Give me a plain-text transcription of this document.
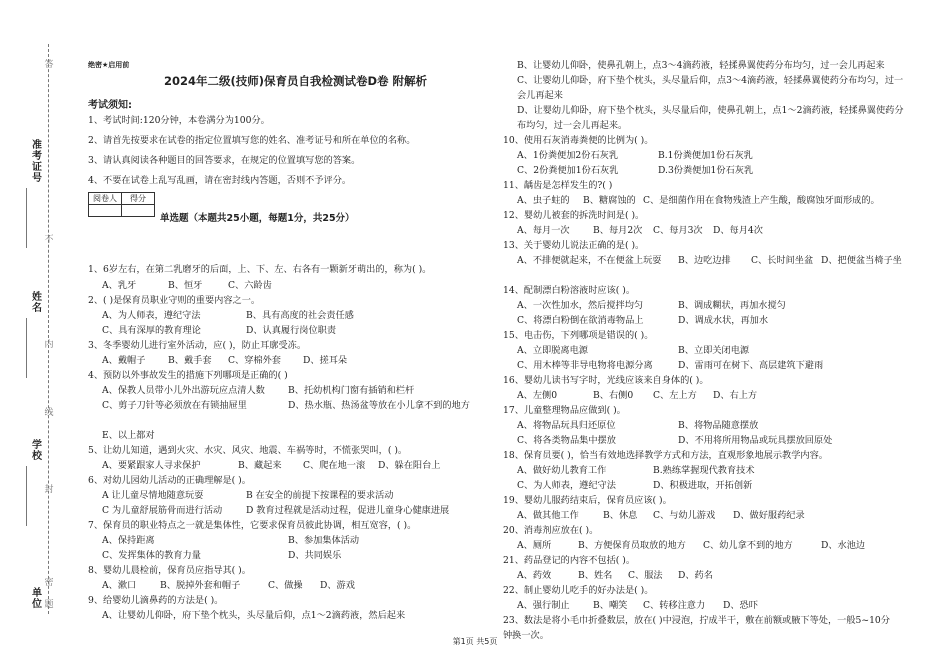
准考证号
姓名
学校
单位
答
不
内
线
封
密
题
绝密★启用前
2024年二级(技师)保育员自我检测试卷D卷 附解析
考试须知:
1、考试时间:120分钟，本卷满分为100分。
2、请首先按要求在试卷的指定位置填写您的姓名、准考证号和所在单位的名称。
3、请认真阅读各种题目的回答要求，在规定的位置填写您的答案。
4、不要在试卷上乱写乱画，请在密封线内答题，否则不予评分。
阅卷人	得分

单选题（本题共25小题，每题1分，共25分）
1、6岁左右，在第二乳磨牙的后面，上、下、左、右各有一颗新牙萌出的，称为( )。
A、乳牙	B、恒牙	C、六龄齿
2、( )是保育员职业守则的重要内容之一。
A、为人师表，遵纪守法	B、具有高度的社会责任感
C、具有深厚的教育理论	D、认真履行岗位职责
3、冬季婴幼儿进行室外活动，应( )，防止耳廓受冻。
A、戴帽子 B、戴手套 C、穿棉外套 D、搓耳朵
4、预防以外事故发生的措施下列哪项是正确的( )
A、保教人员带小儿外出游玩应点清人数	B、托幼机构门窗有插销和栏杆
C、剪子刀针等必须放在有锁抽屉里	D、热水瓶、热汤盆等放在小儿拿不到的地方
E、以上都对
5、让幼儿知道，遇到火灾、水灾、风灾、地震、车祸等时，不慌张哭叫，( )。
A、要紧跟家人寻求保护	B、藏起来 C、爬在地一滚 D、躲在阳台上
6、对幼儿园幼儿活动的正确理解是( )。
A 让儿童尽情地随意玩耍	B 在安全的前提下按课程的要求活动
C 为儿童舒展筋骨而进行活动	D 教育过程就是活动过程，促进儿童身心健康进展
7、保育员的职业特点之一就是集体性，它要求保育员彼此协调，相互宽容，( )。
A、保持距离	B、参加集体活动
C、发挥集体的教育力量	D、共同娱乐
8、婴幼儿晨检前，保育员应指导其( )。
A、漱口	B、脱掉外套和帽子	C、做操 D、游戏
9、给婴幼儿滴鼻药的方法是( )。
A、让婴幼儿仰卧，府下垫个枕头，头尽量后仰，点1～2滴药液，然后起来
B、让婴幼儿仰卧，使鼻孔朝上，点3～4滴药液，轻揉鼻翼使药分布均匀，过一会儿再起来
C、让婴幼儿仰卧，府下垫个枕头，头尽量后仰，点3～4滴药液，轻揉鼻翼使药分布均匀，过一会儿再起来
D、让婴幼儿仰卧，府下垫个枕头，头尽量后仰，使鼻孔朝上，点1～2滴药液，轻揉鼻翼使药分布均匀，过一会儿再起来。
10、使用石灰消毒粪便的比例为( )。
A、1份粪便加2份石灰乳	B.1份粪便加1份石灰乳
C、2份粪便加1份石灰乳	D.3份粪便加1份石灰乳
11、龋齿是怎样发生的?( )
A、虫子蛀的 B、糖腐蚀的 C、是细菌作用在食物残渣上产生酸，酸腐蚀牙面形成的。
12、婴幼儿被套的拆洗时间是( )。
A、每月一次	B、每月2次 C、每月3次 D、每月4次
13、关于婴幼儿说法正确的是( )。
A、不排便就起来，不在便盆上玩耍 B、边吃边排 C、长时间坐盆 D、把便盆当椅子坐
14、配制漂白粉溶液时应该( )。
A、一次性加水，然后搅拌均匀	B、调成糊状，再加水搅匀
C、将漂白粉倒在欲消毒物品上	D、调成水状，再加水
15、电击伤，下列哪项是错误的( )。
A、立即脱离电源	B、立即关闭电源
C、用木棒等非导电物将电源分离	D、雷雨可在树下、高层建筑下避雨
16、婴幼儿读书写字时，光线应该来自身体的( )。
A、左侧0	B、右侧0 C、左上方 D、右上方
17、儿童整理物品应做到( )。
A、将物品玩具归还原位	B、将物品随意摆放
C、将各类物品集中摆放	D、不用将所用物品或玩具摆放回原处
18、保育员要( )，恰当有效地选择教学方式和方法，直观形象地展示教学内容。
A、做好幼儿教育工作	B.熟练掌握现代教育技术
C、为人师表，遵纪守法	D、积极进取，开拓创新
19、婴幼儿服药结束后，保育员应该( )。
A、做其他工作	B、休息 C、与幼儿游戏 D、做好服药纪录
20、消毒剂应放在( )。
A、厕所	B、方便保育员取放的地方 C、幼儿拿不到的地方	D、水池边
21、药品登记的内容不包括( )。
A、药效	B、姓名 C、服法 D、药名
22、制止婴幼儿吃手的好办法是( )。
A、强行制止	B、嘲笑 C、转移注意力 D、恐吓
23、数法是将小毛巾折叠数层，放在( )中浸泡，拧成半干，敷在前额或腋下等处，一般5~10分钟换一次。
第1页 共5页
